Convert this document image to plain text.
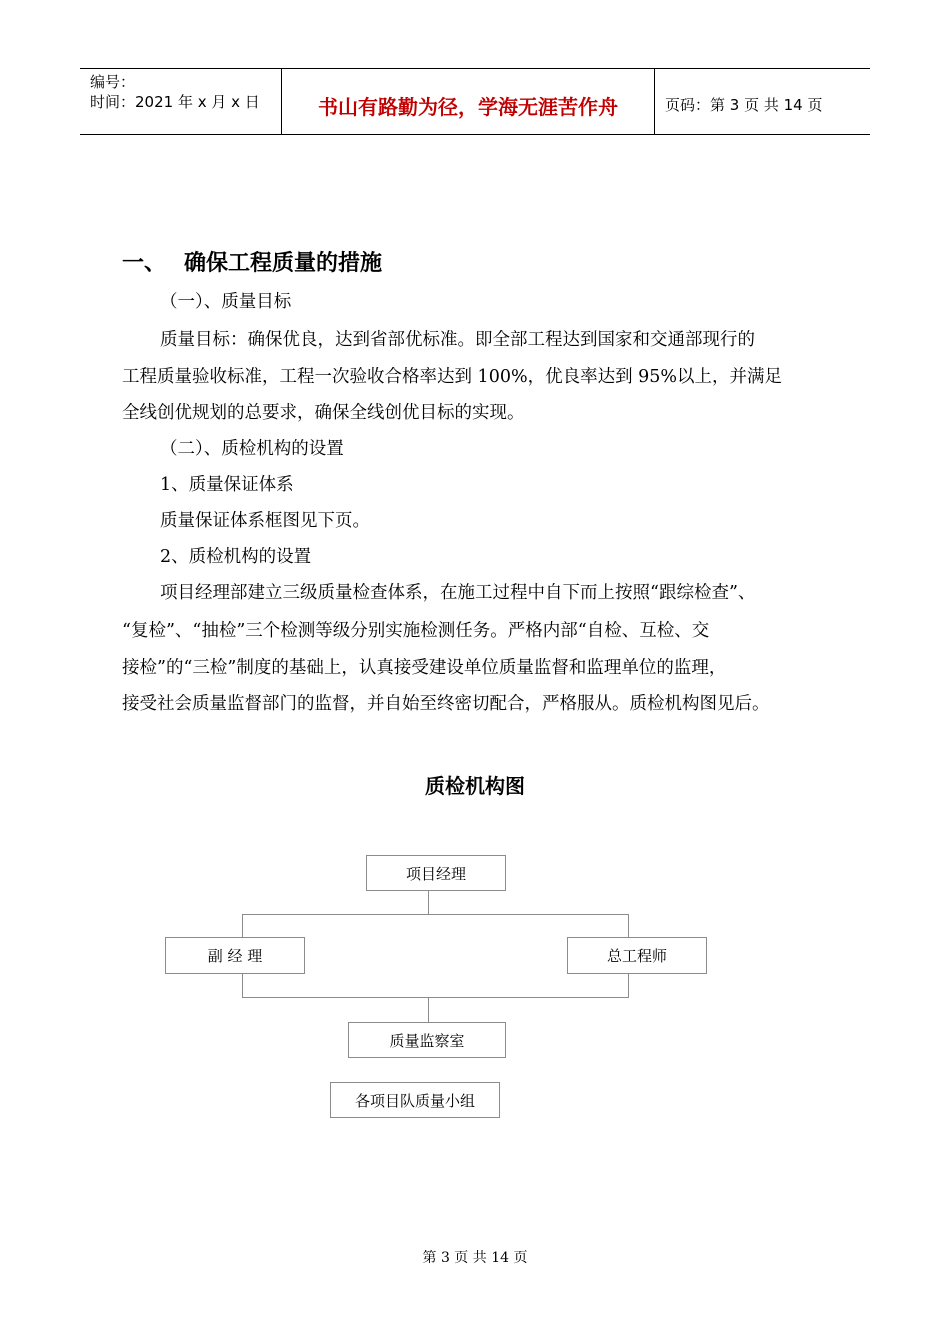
编号：
时间：2021 年 x 月 x 日	书山有路勤为径，学海无涯苦作舟	页码：第 3 页 共 14 页
一、 确保工程质量的措施
（一）、质量目标
质量目标：确保优良，达到省部优标准。即全部工程达到国家和交通部现行的
工程质量验收标准，工程一次验收合格率达到 100%，优良率达到 95%以上，并满足
全线创优规划的总要求，确保全线创优目标的实现。
（二）、质检机构的设置
1、质量保证体系
质量保证体系框图见下页。
2、质检机构的设置
项目经理部建立三级质量检查体系，在施工过程中自下而上按照“跟综检查”、
“复检”、“抽检”三个检测等级分别实施检测任务。严格内部“自检、互检、交
接检”的“三检”制度的基础上，认真接受建设单位质量监督和监理单位的监理，
接受社会质量监督部门的监督，并自始至终密切配合，严格服从。质检机构图见后。
质检机构图
项目经理
副 经 理	总工程师
质量监察室
各项目队质量小组
第 3 页 共 14 页
